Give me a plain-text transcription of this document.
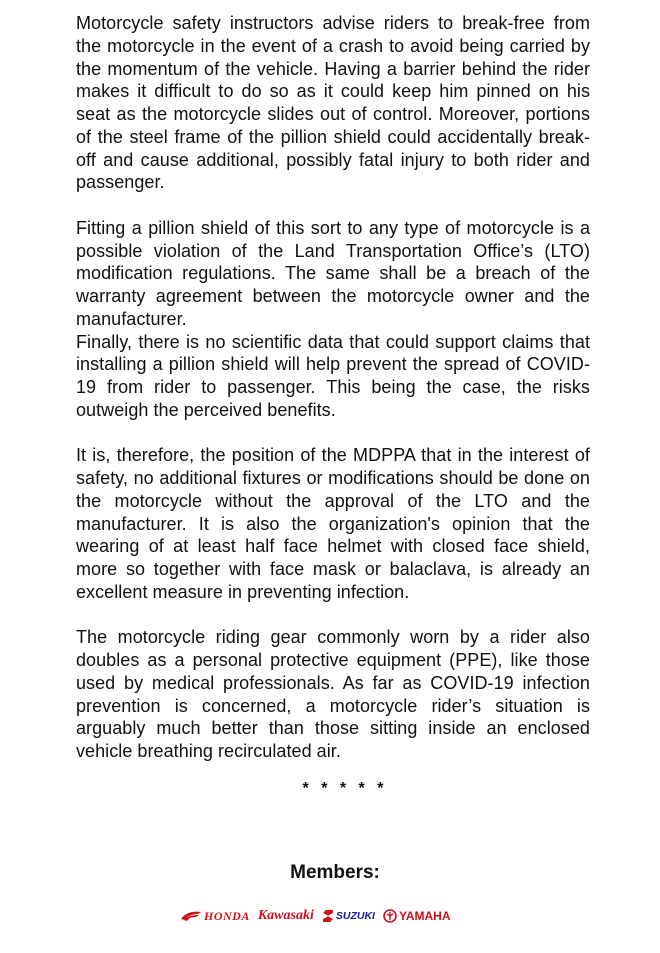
Motorcycle safety instructors advise riders to break-free from the motorcycle in the event of a crash to avoid being carried by the momentum of the vehicle. Having a barrier behind the rider makes it difficult to do so as it could keep him pinned on his seat as the motorcycle slides out of control. Moreover, portions of the steel frame of the pillion shield could accidentally break-off and cause additional, possibly fatal injury to both rider and passenger.

Fitting a pillion shield of this sort to any type of motorcycle is a possible violation of the Land Transportation Office’s (LTO) modification regulations. The same shall be a breach of the warranty agreement between the motorcycle owner and the manufacturer.

Finally, there is no scientific data that could support claims that installing a pillion shield will help prevent the spread of COVID-19 from rider to passenger. This being the case, the risks outweigh the perceived benefits.

It is, therefore, the position of the MDPPA that in the interest of safety, no additional fixtures or modifications should be done on the motorcycle without the approval of the LTO and the manufacturer. It is also the organization's opinion that the wearing of at least half face helmet with closed face shield, more so together with face mask or balaclava, is already an excellent measure in preventing infection.

The motorcycle riding gear commonly worn by a rider also doubles as a personal protective equipment (PPE), like those used by medical professionals. As far as COVID-19 infection prevention is concerned, a motorcycle rider’s situation is arguably much better than those sitting inside an enclosed vehicle breathing recirculated air.

* * * * *
Members:
HONDA Kawasaki SUZUKI YAMAHA
